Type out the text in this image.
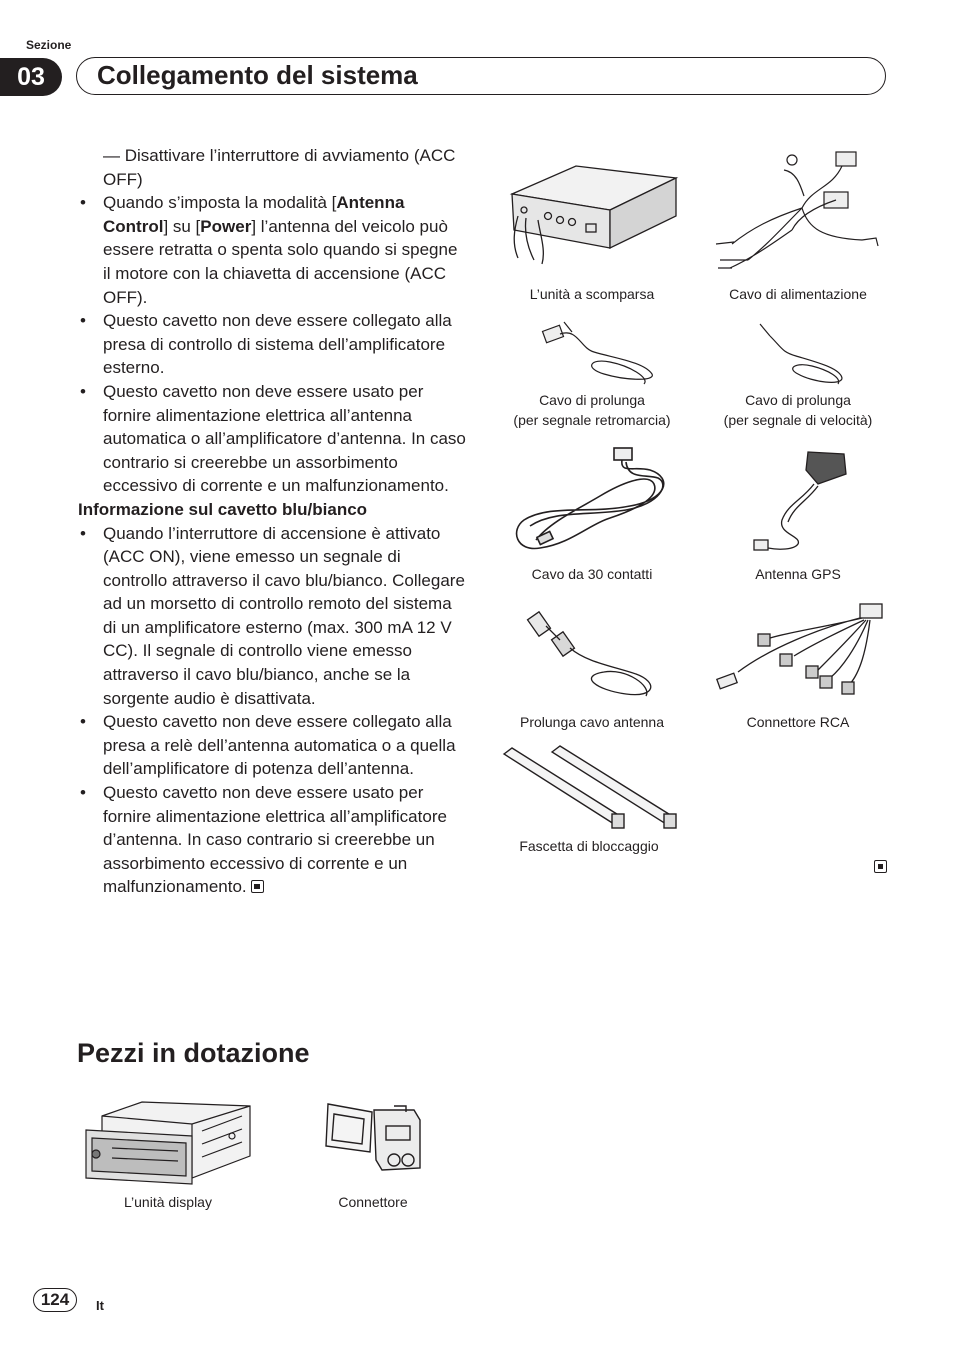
Sezione
03	Collegamento del sistema

— Disattivare l’interruttore di avviamento (ACC OFF)

• Quando s’imposta la modalità [Antenna Control] su [Power] l’antenna del veicolo può essere retratta o spenta solo quando si spegne il motore con la chiavetta di accensione (ACC OFF).

• Questo cavetto non deve essere collegato alla presa di controllo di sistema dell’amplificatore esterno.

• Questo cavetto non deve essere usato per fornire alimentazione elettrica all’antenna automatica o all’amplificatore d’antenna. In caso contrario si creerebbe un assorbimento eccessivo di corrente e un malfunzionamento.

Informazione sul cavetto blu/bianco

• Quando l’interruttore di accensione è attivato (ACC ON), viene emesso un segnale di controllo attraverso il cavo blu/bianco. Collegare ad un morsetto di controllo remoto del sistema di un amplificatore esterno (max. 300 mA 12 V CC). Il segnale di controllo viene emesso attraverso il cavo blu/bianco, anche se la sorgente audio è disattivata.

• Questo cavetto non deve essere collegato alla presa a relè dell’antenna automatica o a quella dell’amplificatore di potenza dell’antenna.

• Questo cavetto non deve essere usato per fornire alimentazione elettrica all’amplificatore d’antenna. In caso contrario si creerebbe un assorbimento eccessivo di corrente e un malfunzionamento.

Pezzi in dotazione
L’unità display	Connettore
L’unità a scomparsa	Cavo di alimentazione
Cavo di prolunga
(per segnale retromarcia)
Cavo di prolunga
(per segnale di velocità)
Cavo da 30 contatti	Antenna GPS
Prolunga cavo antenna	Connettore RCA
Fascetta di bloccaggio
124	It
